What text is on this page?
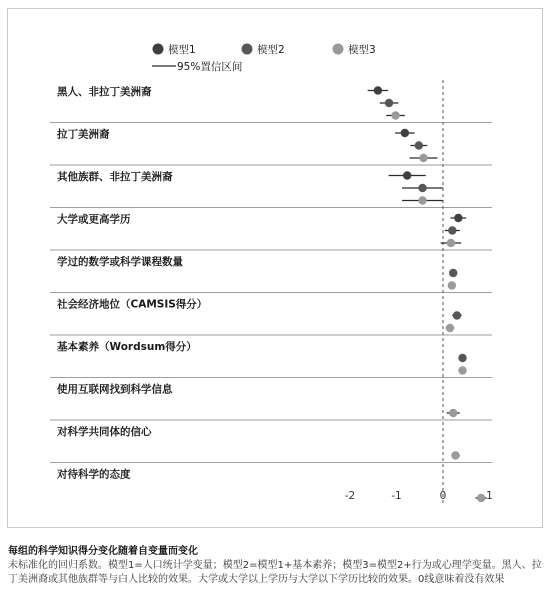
黑人、非拉丁美洲裔
拉丁美洲裔
其他族群、非拉丁美洲裔
大学或更高学历
学过的数学或科学课程数量
社会经济地位（CAMSIS得分）
基本素养（Wordsum得分）
使用互联网找到科学信息
对科学共同体的信心
对待科学的态度
-2	-1	0	1
模型1	模型2	模型3
95%置信区间
每组的科学知识得分变化随着自变量而变化
未标准化的回归系数。模型1=人口统计学变量；模型2=模型1+基本素养；模型3=模型2+行为或心理学变量。黑人、拉丁美洲裔或其他族群等与白人比较的效果。大学或大学以上学历与大学以下学历比较的效果。0线意味着没有效果
